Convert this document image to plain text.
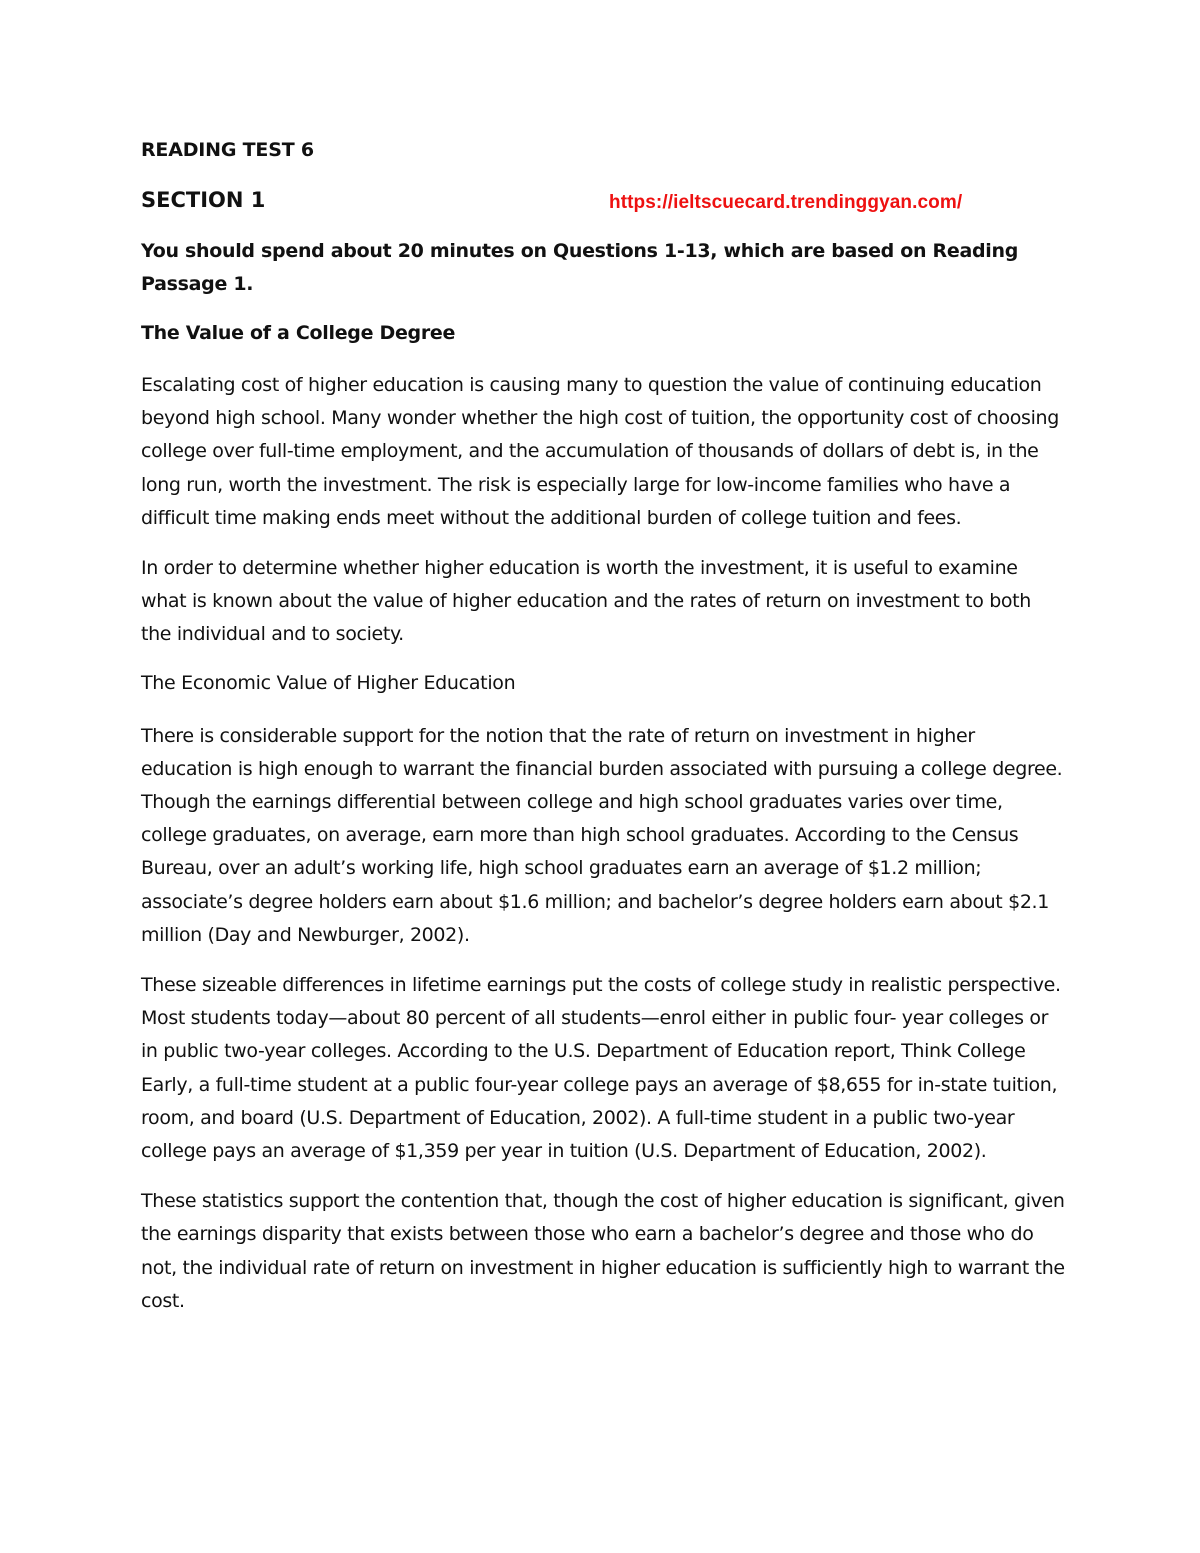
READING TEST 6
SECTION 1	https://ieltscuecard.trendinggyan.com/
You should spend about 20 minutes on Questions 1-13, which are based on Reading Passage 1.
The Value of a College Degree

Escalating cost of higher education is causing many to question the value of continuing education beyond high school. Many wonder whether the high cost of tuition, the opportunity cost of choosing college over full-time employment, and the accumulation of thousands of dollars of debt is, in the long run, worth the investment. The risk is especially large for low-income families who have a difficult time making ends meet without the additional burden of college tuition and fees.

In order to determine whether higher education is worth the investment, it is useful to examine what is known about the value of higher education and the rates of return on investment to both the individual and to society.

The Economic Value of Higher Education

There is considerable support for the notion that the rate of return on investment in higher education is high enough to warrant the financial burden associated with pursuing a college degree. Though the earnings differential between college and high school graduates varies over time, college graduates, on average, earn more than high school graduates. According to the Census Bureau, over an adult’s working life, high school graduates earn an average of $1.2 million; associate’s degree holders earn about $1.6 million; and bachelor’s degree holders earn about $2.1 million (Day and Newburger, 2002).

These sizeable differences in lifetime earnings put the costs of college study in realistic perspective. Most students today—about 80 percent of all students—enrol either in public four- year colleges or in public two-year colleges. According to the U.S. Department of Education report, Think College Early, a full-time student at a public four-year college pays an average of $8,655 for in-state tuition, room, and board (U.S. Department of Education, 2002). A full-time student in a public two-year college pays an average of $1,359 per year in tuition (U.S. Department of Education, 2002).

These statistics support the contention that, though the cost of higher education is significant, given the earnings disparity that exists between those who earn a bachelor’s degree and those who do not, the individual rate of return on investment in higher education is sufficiently high to warrant the cost.
